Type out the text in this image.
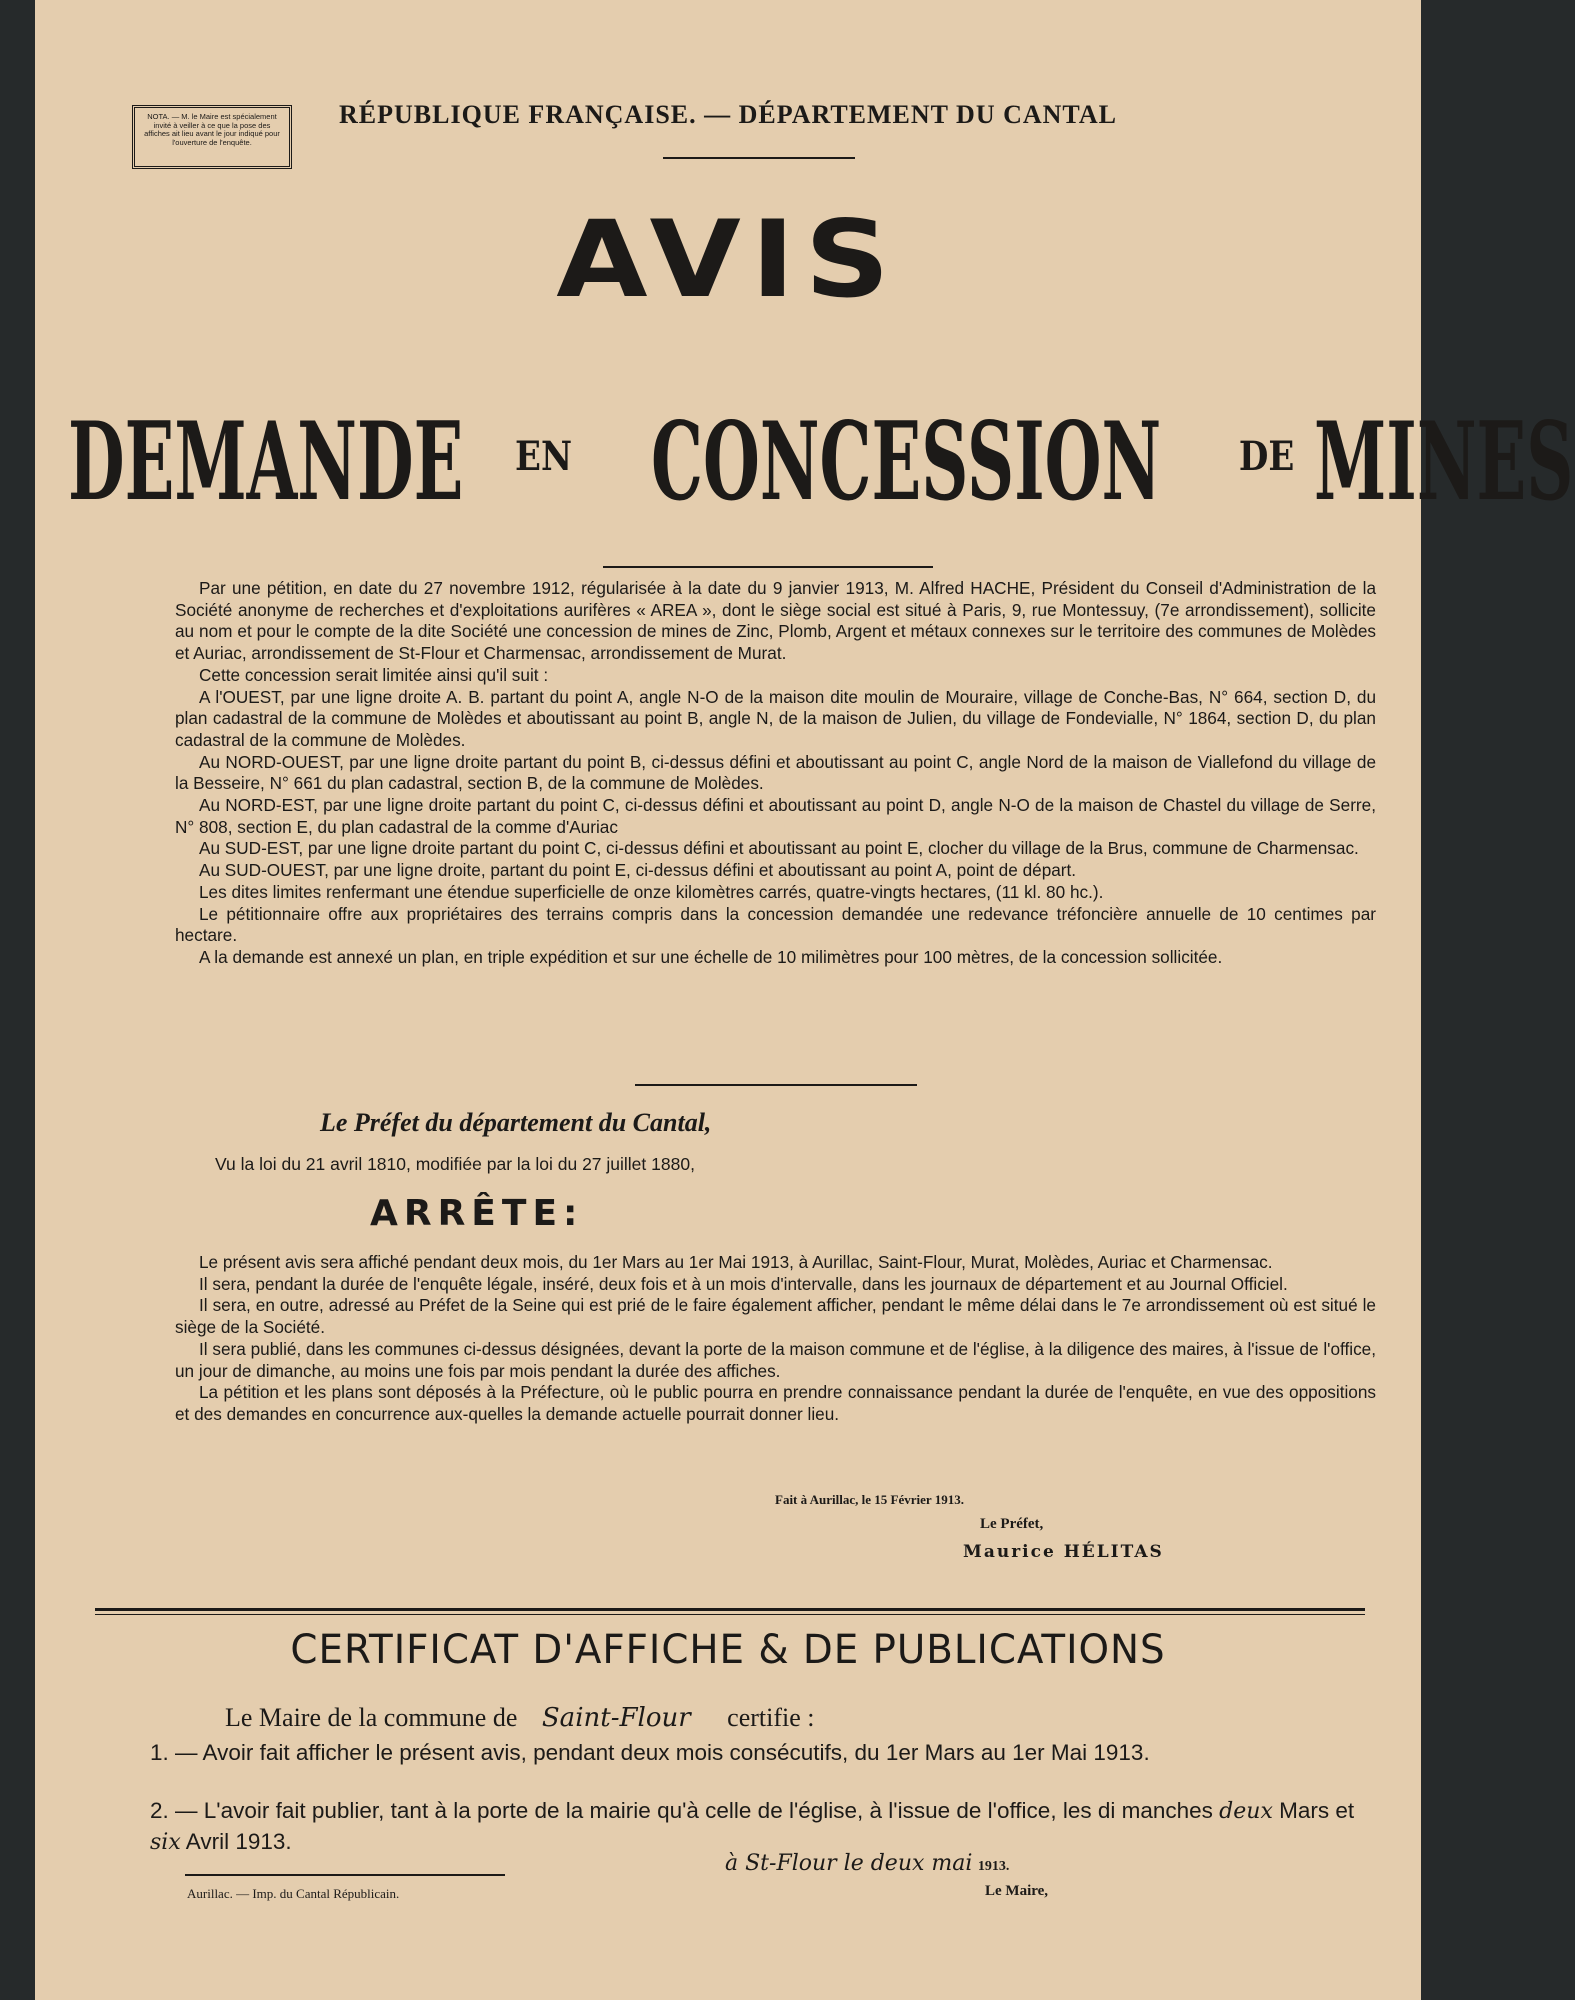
NOTA. — M. le Maire est spécialement invité à veiller à ce que la pose des affiches ait lieu avant le jour indiqué pour l'ouverture de l'enquête.
RÉPUBLIQUE FRANÇAISE. — DÉPARTEMENT DU CANTAL
AVIS
DEMANDE EN CONCESSION DE MINES

Par une pétition, en date du 27 novembre 1912, régularisée à la date du 9 janvier 1913, M. Alfred HACHE, Président du Conseil d'Administration de la Société anonyme de recherches et d'exploitations aurifères « AREA », dont le siège social est situé à Paris, 9, rue Montessuy, (7e arrondissement), sollicite au nom et pour le compte de la dite Société une concession de mines de Zinc, Plomb, Argent et métaux connexes sur le territoire des communes de Molèdes et Auriac, arrondissement de St-Flour et Charmensac, arrondissement de Murat.

Cette concession serait limitée ainsi qu'il suit :

A l'OUEST, par une ligne droite A. B. partant du point A, angle N-O de la maison dite moulin de Mouraire, village de Conche-Bas, N° 664, section D, du plan cadastral de la commune de Molèdes et aboutissant au point B, angle N, de la maison de Julien, du village de Fondevialle, N° 1864, section D, du plan cadastral de la commune de Molèdes.

Au NORD-OUEST, par une ligne droite partant du point B, ci-dessus défini et aboutissant au point C, angle Nord de la maison de Viallefond du village de la Besseire, N° 661 du plan cadastral, section B, de la commune de Molèdes.

Au NORD-EST, par une ligne droite partant du point C, ci-dessus défini et aboutissant au point D, angle N-O de la maison de Chastel du village de Serre, N° 808, section E, du plan cadastral de la comme d'Auriac

Au SUD-EST, par une ligne droite partant du point C, ci-dessus défini et aboutissant au point E, clocher du village de la Brus, commune de Charmensac.

Au SUD-OUEST, par une ligne droite, partant du point E, ci-dessus défini et aboutissant au point A, point de départ.

Les dites limites renfermant une étendue superficielle de onze kilomètres carrés, quatre-vingts hectares, (11 kl. 80 hc.).

Le pétitionnaire offre aux propriétaires des terrains compris dans la concession demandée une redevance tréfoncière annuelle de 10 centimes par hectare.

A la demande est annexé un plan, en triple expédition et sur une échelle de 10 milimètres pour 100 mètres, de la concession sollicitée.

Le Préfet du département du Cantal,
Vu la loi du 21 avril 1810, modifiée par la loi du 27 juillet 1880,
ARRÊTE:

Le présent avis sera affiché pendant deux mois, du 1er Mars au 1er Mai 1913, à Aurillac, Saint-Flour, Murat, Molèdes, Auriac et Charmensac.

Il sera, pendant la durée de l'enquête légale, inséré, deux fois et à un mois d'intervalle, dans les journaux de département et au Journal Officiel.

Il sera, en outre, adressé au Préfet de la Seine qui est prié de le faire également afficher, pendant le même délai dans le 7e arrondissement où est situé le siège de la Société.

Il sera publié, dans les communes ci-dessus désignées, devant la porte de la maison commune et de l'église, à la diligence des maires, à l'issue de l'office, un jour de dimanche, au moins une fois par mois pendant la durée des affiches.

La pétition et les plans sont déposés à la Préfecture, où le public pourra en prendre connaissance pendant la durée de l'enquête, en vue des oppositions et des demandes en concurrence aux-quelles la demande actuelle pourrait donner lieu.

Fait à Aurillac, le 15 Février 1913.
Le Préfet,
Maurice HÉLITAS
CERTIFICAT D'AFFICHE & DE PUBLICATIONS
Le Maire de la commune de Saint-Flour certifie :
1. — Avoir fait afficher le présent avis, pendant deux mois consécutifs, du 1er Mars au 1er Mai 1913.
2. — L'avoir fait publier, tant à la porte de la mairie qu'à celle de l'église, à l'issue de l'office, les di manches deux Mars et six Avril 1913.
à St-Flour le deux mai 1913.
Aurillac. — Imp. du Cantal Républicain.	Le Maire,
